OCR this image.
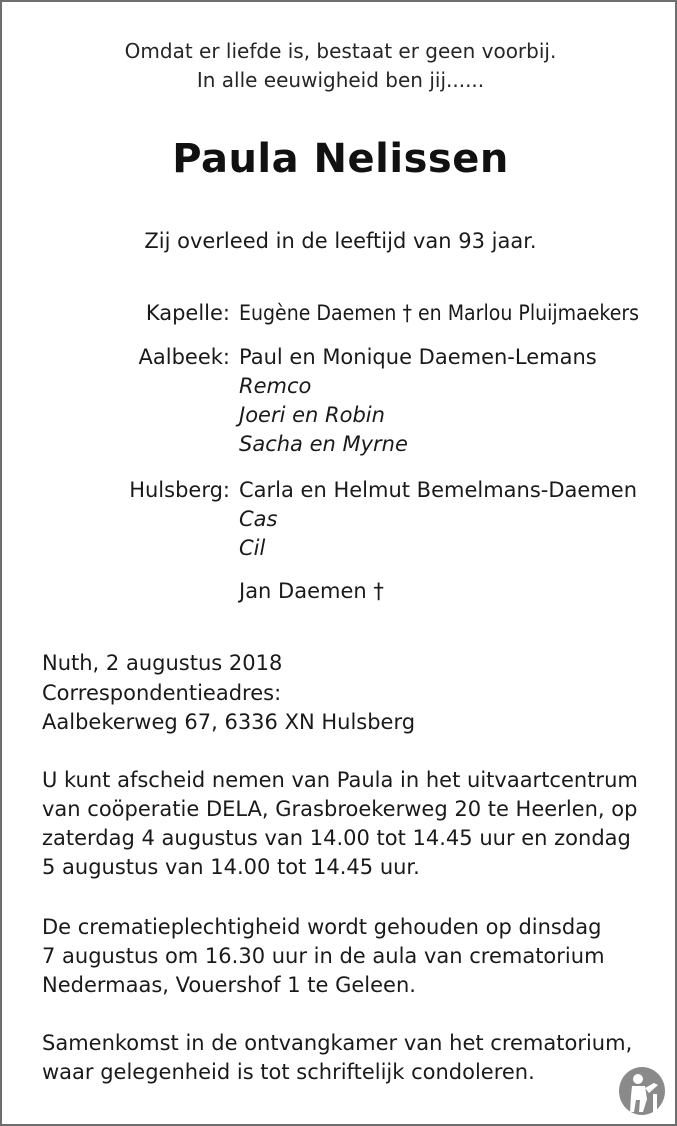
Omdat er liefde is, bestaat er geen voorbij.
In alle eeuwigheid ben jij......
Paula Nelissen
Zij overleed in de leeftijd van 93 jaar.
Kapelle: Eugène Daemen † en Marlou Pluijmaekers
Aalbeek: Paul en Monique Daemen-Lemans
Remco
Joeri en Robin
Sacha en Myrne
Hulsberg: Carla en Helmut Bemelmans-Daemen
Cas
Cil
Jan Daemen †
Nuth, 2 augustus 2018
Correspondentieadres:
Aalbekerweg 67, 6336 XN Hulsberg
U kunt afscheid nemen van Paula in het uitvaartcentrum
van coöperatie DELA, Grasbroekerweg 20 te Heerlen, op
zaterdag 4 augustus van 14.00 tot 14.45 uur en zondag
5 augustus van 14.00 tot 14.45 uur.
De crematieplechtigheid wordt gehouden op dinsdag
7 augustus om 16.30 uur in de aula van crematorium
Nedermaas, Vouershof 1 te Geleen.
Samenkomst in de ontvangkamer van het crematorium,
waar gelegenheid is tot schriftelijk condoleren.
